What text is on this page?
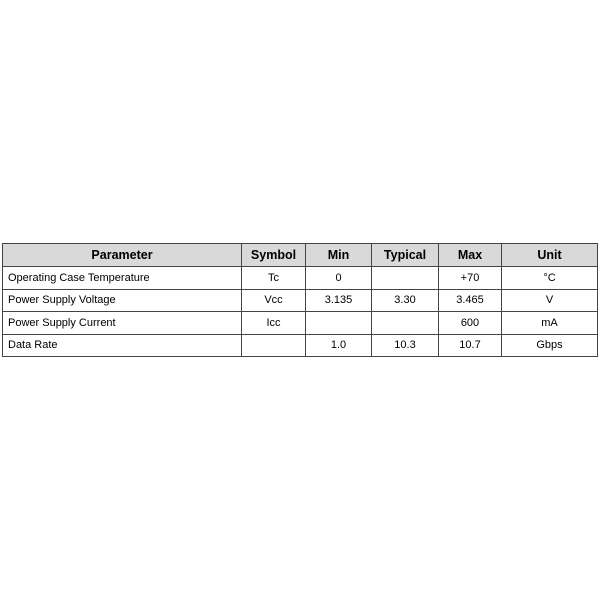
Parameter	Symbol	Min	Typical	Max	Unit
Operating Case Temperature	Tc	0		+70	°C
Power Supply Voltage	Vcc	3.135	3.30	3.465	V
Power Supply Current	Icc			600	mA
Data Rate		1.0	10.3	10.7	Gbps
